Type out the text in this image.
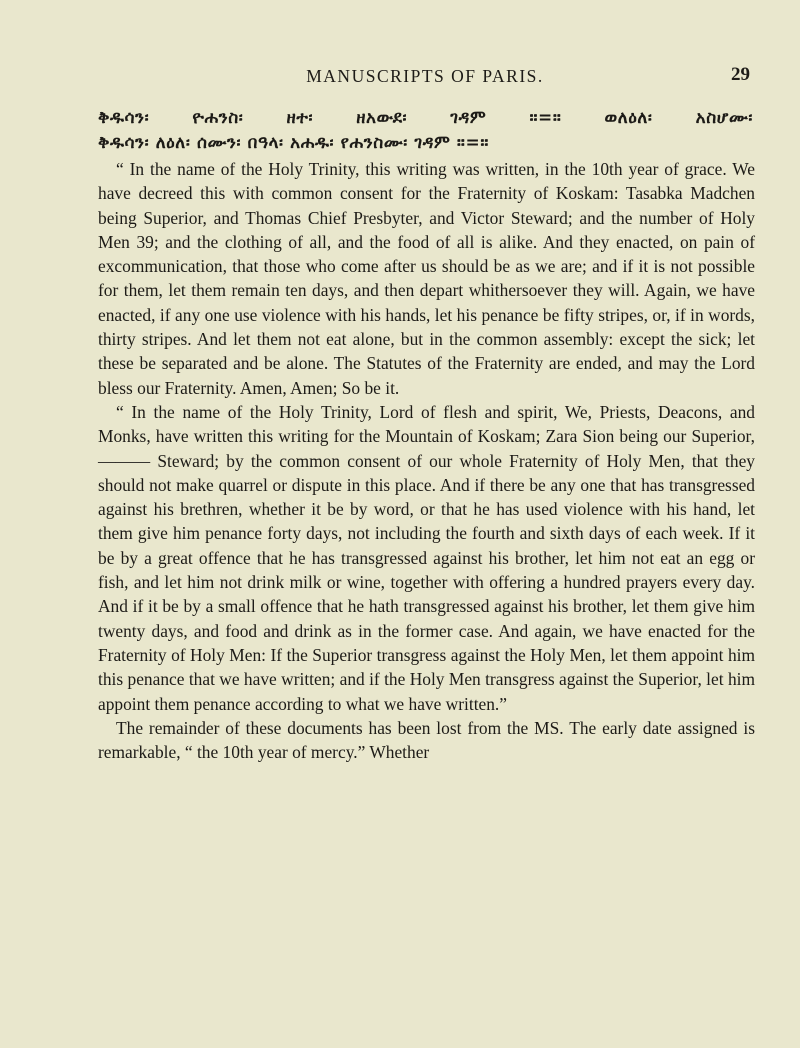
MANUSCRIPTS OF PARIS.	29
ቅዱሳን፡ ዮሐንስ፡ ዘተ፡ ዘአውደ፡ ገዳም ።=። ወለዕለ፡ አስሆሙ፡
ቅዱሳን፡ ለዕለ፡ ሰሙን፡ በዓላ፡ አሐዱ፡ የሐንስሙ፡ ገዳም ።=።

“ In the name of the Holy Trinity, this writing was written, in the 10th year of grace. We have decreed this with common consent for the Fraternity of Koskam: Tasabka Madchen being Superior, and Thomas Chief Presbyter, and Victor Steward; and the number of Holy Men 39; and the clothing of all, and the food of all is alike. And they enacted, on pain of excommunication, that those who come after us should be as we are; and if it is not possible for them, let them remain ten days, and then depart whithersoever they will. Again, we have enacted, if any one use violence with his hands, let his penance be fifty stripes, or, if in words, thirty stripes. And let them not eat alone, but in the common assembly: except the sick; let these be separated and be alone. The Statutes of the Fraternity are ended, and may the Lord bless our Fraternity. Amen, Amen; So be it.

“ In the name of the Holy Trinity, Lord of flesh and spirit, We, Priests, Deacons, and Monks, have written this writing for the Mountain of Koskam; Zara Sion being our Superior, ——— Steward; by the common consent of our whole Fraternity of Holy Men, that they should not make quarrel or dispute in this place. And if there be any one that has transgressed against his brethren, whether it be by word, or that he has used violence with his hand, let them give him penance forty days, not including the fourth and sixth days of each week. If it be by a great offence that he has transgressed against his brother, let him not eat an egg or fish, and let him not drink milk or wine, together with offering a hundred prayers every day. And if it be by a small offence that he hath transgressed against his brother, let them give him twenty days, and food and drink as in the former case. And again, we have enacted for the Fraternity of Holy Men: If the Superior transgress against the Holy Men, let them appoint him this penance that we have written; and if the Holy Men transgress against the Superior, let him appoint them penance according to what we have written.”

The remainder of these documents has been lost from the MS. The early date assigned is remarkable, “ the 10th year of mercy.” Whether
